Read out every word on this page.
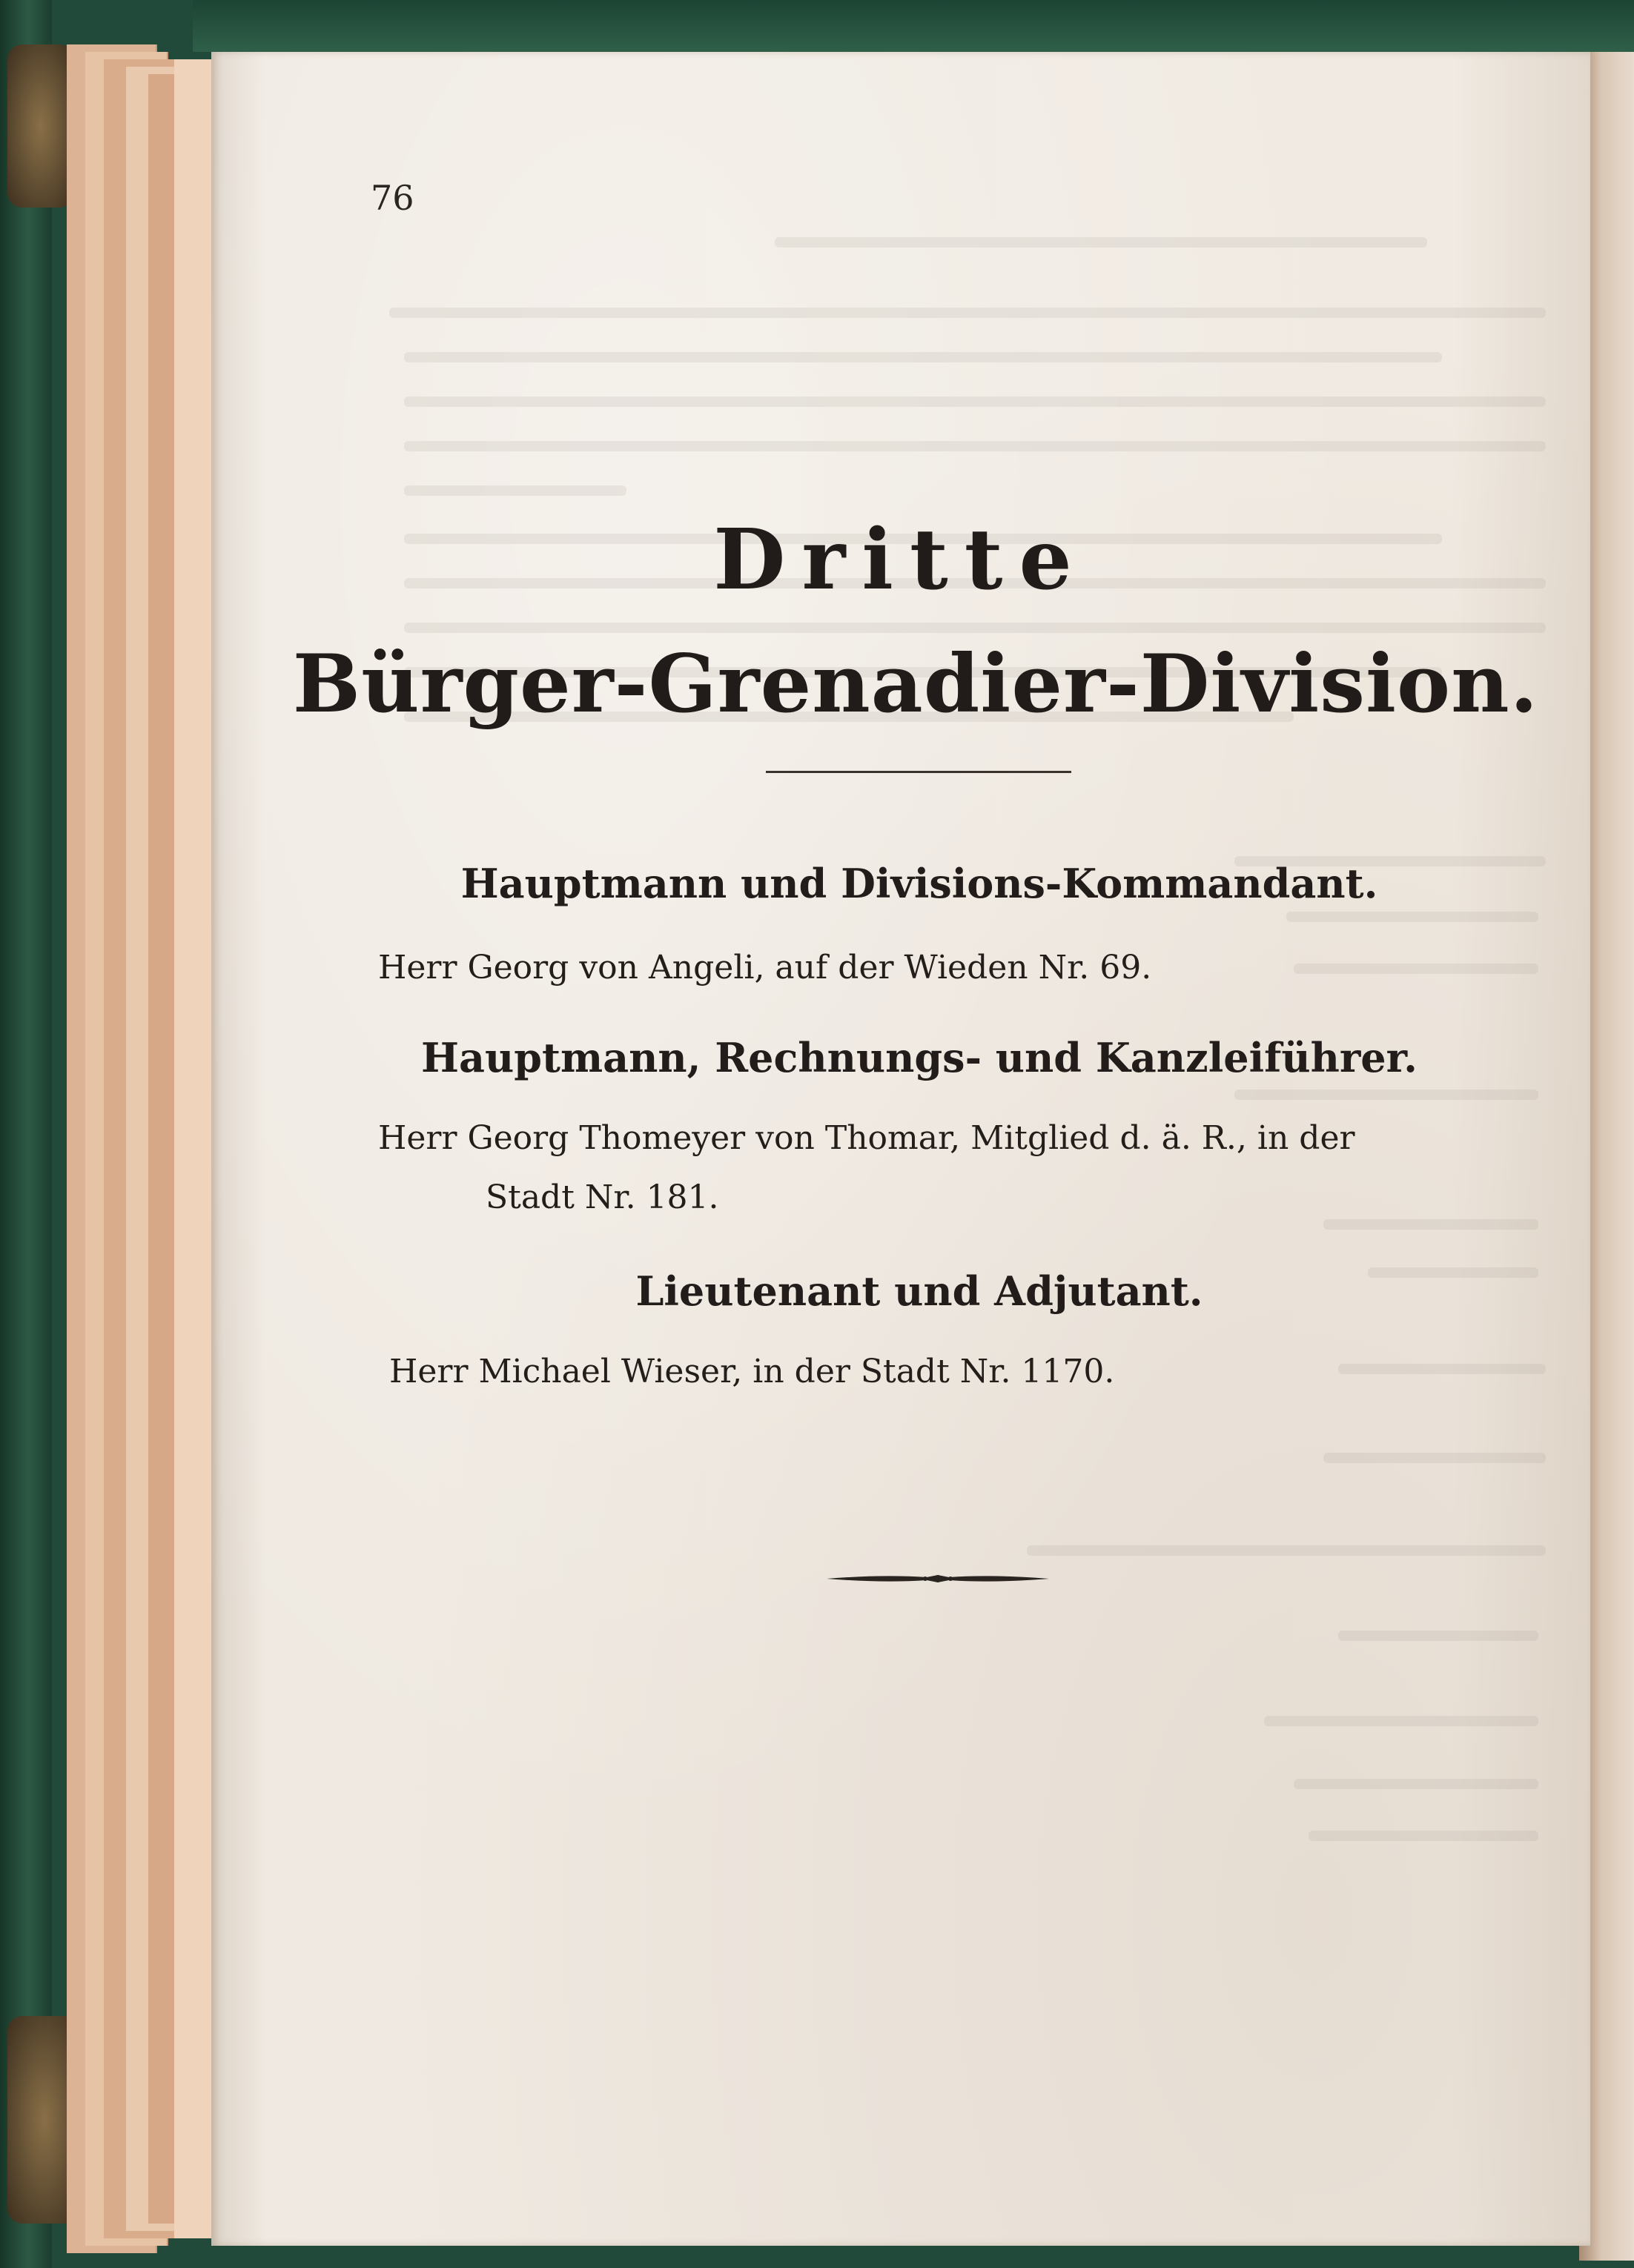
76
Dritte
Bürger-Grenadier-Division.
Hauptmann und Divisions-Kommandant.
Herr Georg von Angeli, auf der Wieden Nr. 69.
Hauptmann, Rechnungs- und Kanzleiführer.
Herr Georg Thomeyer von Thomar, Mitglied d. ä. R., in der
Stadt Nr. 181.
Lieutenant und Adjutant.
Herr Michael Wieser, in der Stadt Nr. 1170.
